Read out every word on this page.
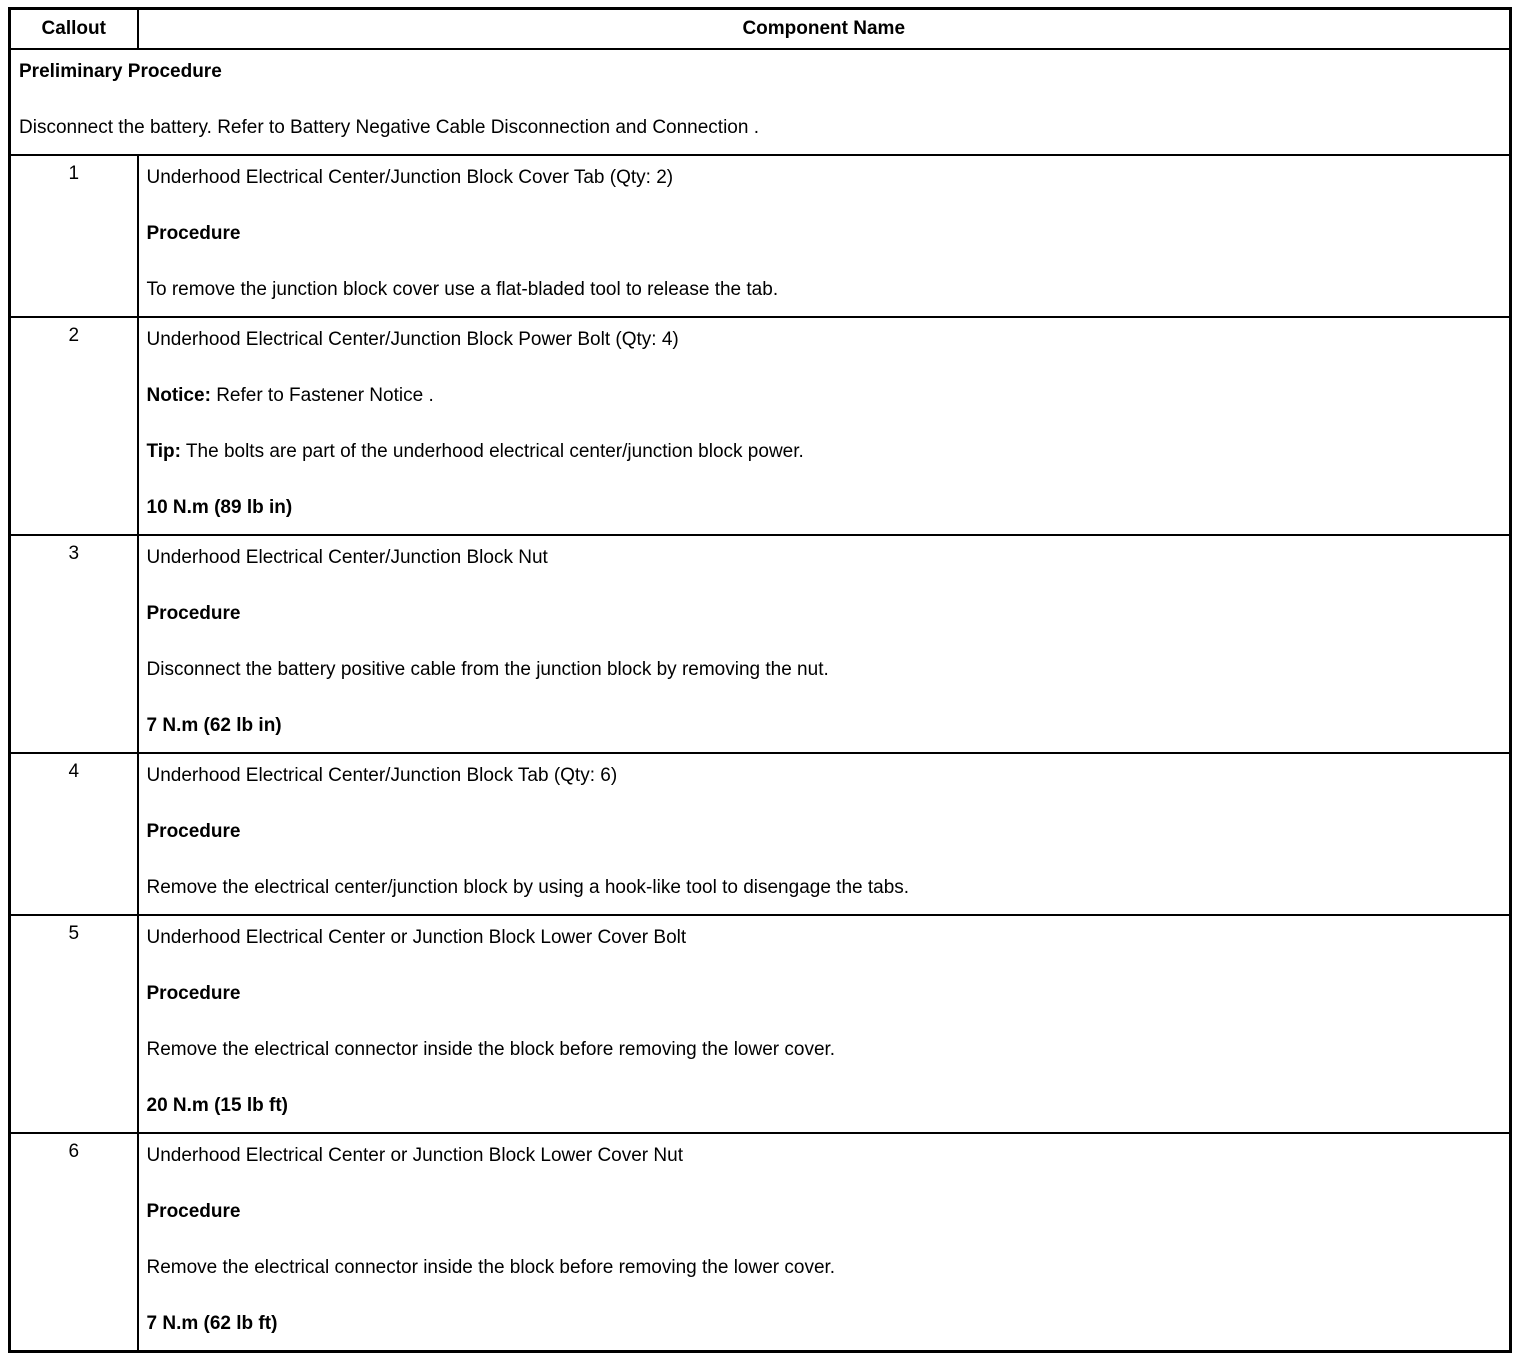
Callout	Component Name

Preliminary Procedure

Disconnect the battery. Refer to Battery Negative Cable Disconnection and Connection .	

1	Underhood Electrical Center/Junction Block Cover Tab (Qty: 2)

Procedure

To remove the junction block cover use a flat-bladed tool to release the tab.

2	Underhood Electrical Center/Junction Block Power Bolt (Qty: 4)

Notice: Refer to Fastener Notice .

Tip: The bolts are part of the underhood electrical center/junction block power.

10 N.m (89 lb in)

3	Underhood Electrical Center/Junction Block Nut

Procedure

Disconnect the battery positive cable from the junction block by removing the nut.

7 N.m (62 lb in)

4	Underhood Electrical Center/Junction Block Tab (Qty: 6)

Procedure

Remove the electrical center/junction block by using a hook-like tool to disengage the tabs.

5	Underhood Electrical Center or Junction Block Lower Cover Bolt

Procedure

Remove the electrical connector inside the block before removing the lower cover.

20 N.m (15 lb ft)

6	Underhood Electrical Center or Junction Block Lower Cover Nut

Procedure

Remove the electrical connector inside the block before removing the lower cover.

7 N.m (62 lb ft)
